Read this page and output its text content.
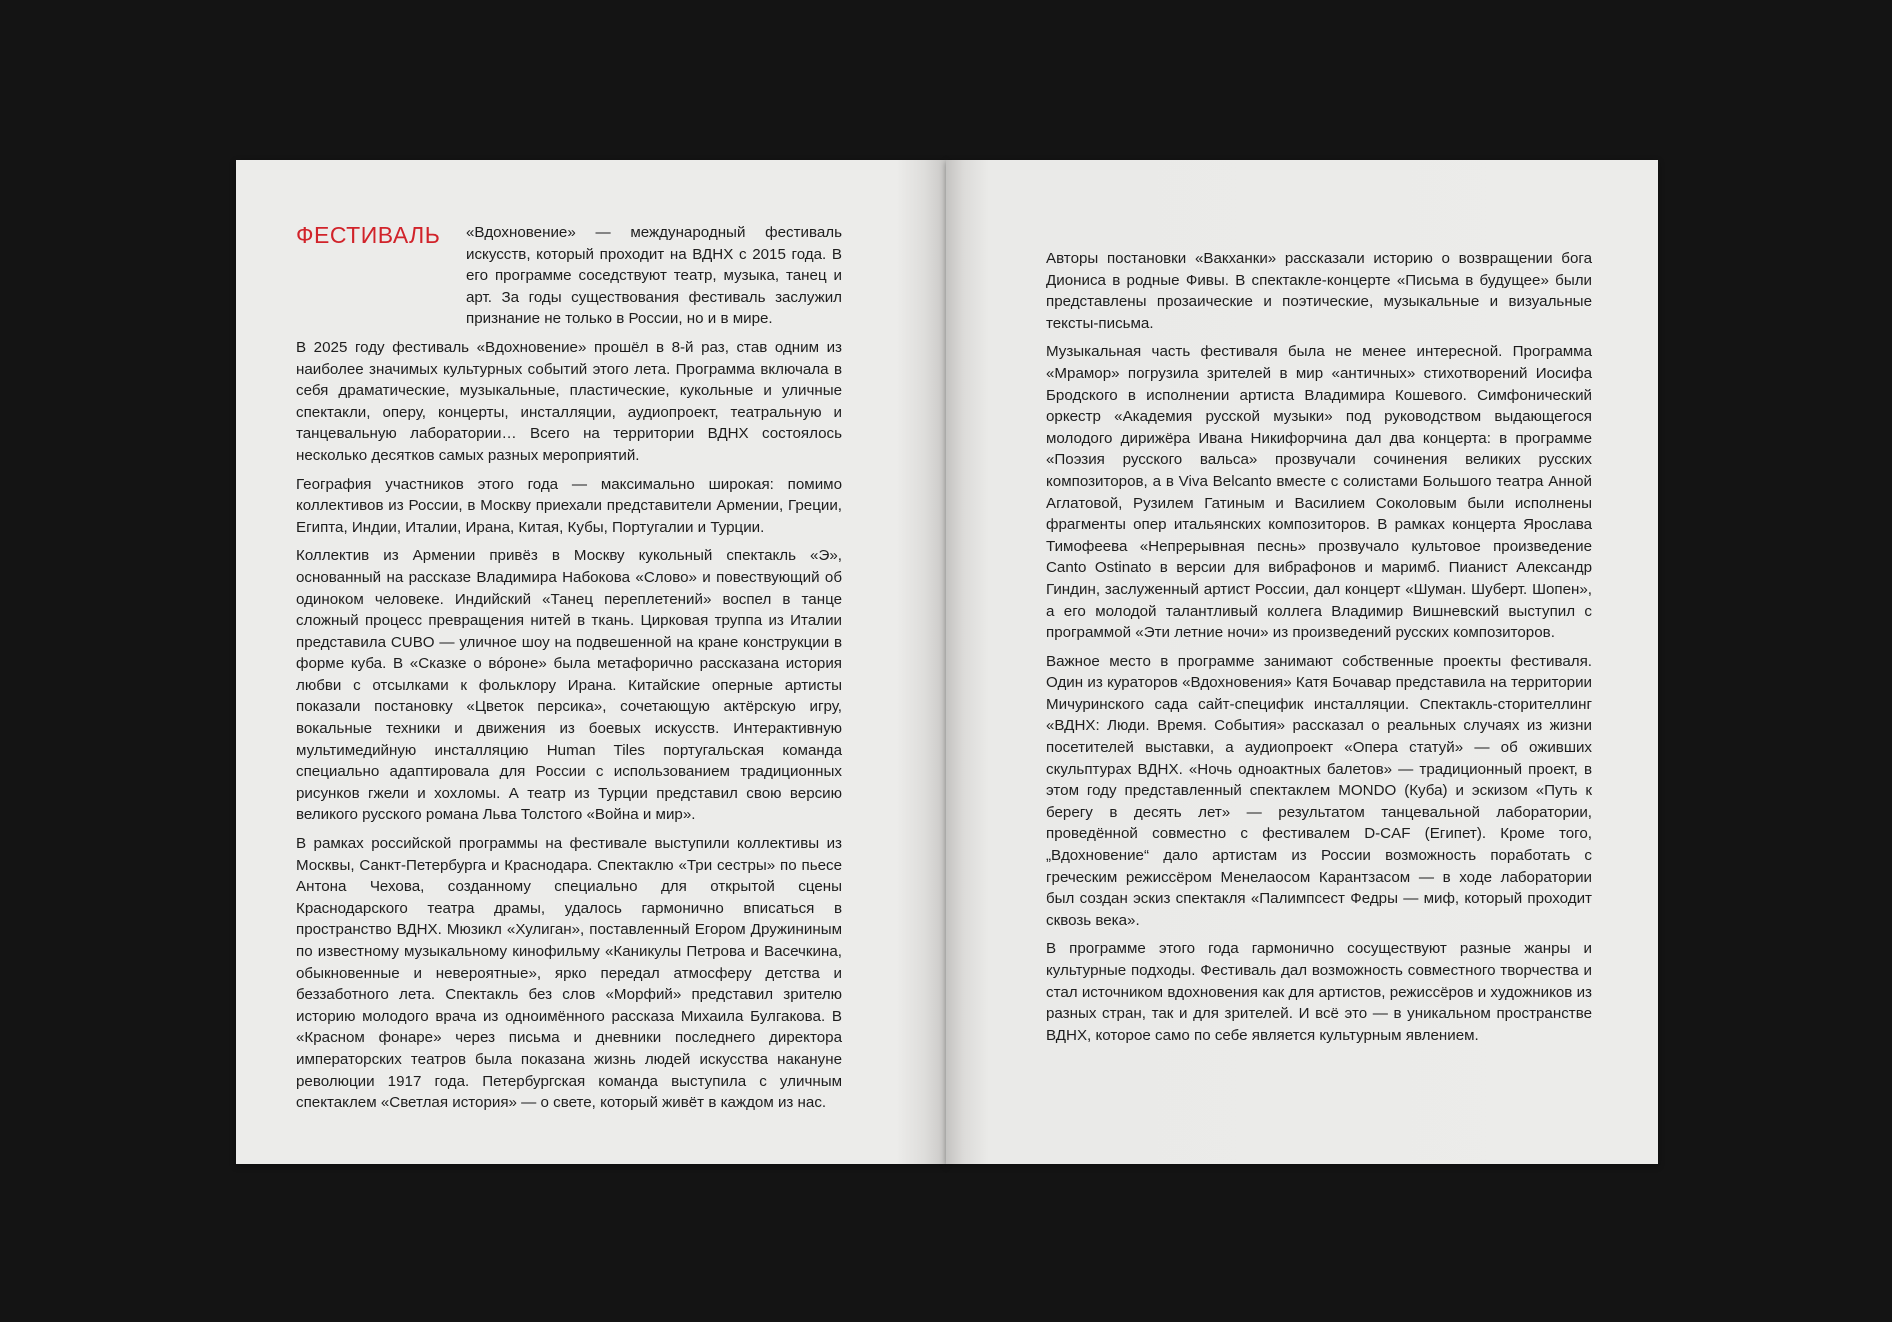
ФЕСТИВАЛЬ	«Вдохновение» — международный фестиваль искусств, который проходит на ВДНХ с 2015 года. В его программе соседствуют театр, музыка, танец и арт. За годы существования фестиваль заслужил признание не только в России, но и в мире.

В 2025 году фестиваль «Вдохновение» прошёл в 8-й раз, став одним из наиболее значимых культурных событий этого лета. Программа включала в себя драматические, музыкальные, пластические, кукольные и уличные спектакли, оперу, концерты, инсталляции, аудиопроект, театральную и танцевальную лаборатории… Всего на территории ВДНХ состоялось несколько десятков самых разных мероприятий.

География участников этого года — максимально широкая: помимо коллективов из России, в Москву приехали представители Армении, Греции, Египта, Индии, Италии, Ирана, Китая, Кубы, Португалии и Турции.

Коллектив из Армении привёз в Москву кукольный спектакль «Э», основанный на рассказе Владимира Набокова «Слово» и повествующий об одиноком человеке. Индийский «Танец переплетений» воспел в танце сложный процесс превращения нитей в ткань. Цирковая труппа из Италии представила CUBO — уличное шоу на подвешенной на кране конструкции в форме куба. В «Сказке о вóроне» была метафорично рассказана история любви с отсылками к фольклору Ирана. Китайские оперные артисты показали постановку «Цветок персика», сочетающую актёрскую игру, вокальные техники и движения из боевых искусств. Интерактивную мультимедийную инсталляцию Human Tiles португальская команда специально адаптировала для России с использованием традиционных рисунков гжели и хохломы. А театр из Турции представил свою версию великого русского романа Льва Толстого «Война и мир».

В рамках российской программы на фестивале выступили коллективы из Москвы, Санкт-Петербурга и Краснодара. Спектаклю «Три сестры» по пьесе Антона Чехова, созданному специально для открытой сцены Краснодарского театра драмы, удалось гармонично вписаться в пространство ВДНХ. Мюзикл «Хулиган», поставленный Егором Дружининым по известному музыкальному кинофильму «Каникулы Петрова и Васечкина, обыкновенные и невероятные», ярко передал атмосферу детства и беззаботного лета. Спектакль без слов «Морфий» представил зрителю историю молодого врача из одноимённого рассказа Михаила Булгакова. В «Красном фонаре» через письма и дневники последнего директора императорских театров была показана жизнь людей искусства накануне революции 1917 года. Петербургская команда выступила с уличным спектаклем «Светлая история» — о свете, который живёт в каждом из нас.

Авторы постановки «Вакханки» рассказали историю о возвращении бога Диониса в родные Фивы. В спектакле-концерте «Письма в будущее» были представлены прозаические и поэтические, музыкальные и визуальные тексты-письма.

Музыкальная часть фестиваля была не менее интересной. Программа «Мрамор» погрузила зрителей в мир «античных» стихотворений Иосифа Бродского в исполнении артиста Владимира Кошевого. Симфонический оркестр «Академия русской музыки» под руководством выдающегося молодого дирижёра Ивана Никифорчина дал два концерта: в программе «Поэзия русского вальса» прозвучали сочинения великих русских композиторов, а в Viva Belcanto вместе с солистами Большого театра Анной Аглатовой, Рузилем Гатиным и Василием Соколовым были исполнены фрагменты опер итальянских композиторов. В рамках концерта Ярослава Тимофеева «Непрерывная песнь» прозвучало культовое произведение Canto Ostinato в версии для вибрафонов и маримб. Пианист Александр Гиндин, заслуженный артист России, дал концерт «Шуман. Шуберт. Шопен», а его молодой талантливый коллега Владимир Вишневский выступил с программой «Эти летние ночи» из произведений русских композиторов.

Важное место в программе занимают собственные проекты фестиваля. Один из кураторов «Вдохновения» Катя Бочавар представила на территории Мичуринского сада сайт-специфик инсталляции. Спектакль-сторителлинг «ВДНХ: Люди. Время. События» рассказал о реальных случаях из жизни посетителей выставки, а аудиопроект «Опера статуй» — об оживших скульптурах ВДНХ. «Ночь одноактных балетов» — традиционный проект, в этом году представленный спектаклем MONDO (Куба) и эскизом «Путь к берегу в десять лет» — результатом танцевальной лаборатории, проведённой совместно с фестивалем D-CAF (Египет). Кроме того, „Вдохновение“ дало артистам из России возможность поработать с греческим режиссёром Менелаосом Карантзасом — в ходе лаборатории был создан эскиз спектакля «Палимпсест Федры — миф, который проходит сквозь века».

В программе этого года гармонично сосуществуют разные жанры и культурные подходы. Фестиваль дал возможность совместного творчества и стал источником вдохновения как для артистов, режиссёров и художников из разных стран, так и для зрителей. И всё это — в уникальном пространстве ВДНХ, которое само по себе является культурным явлением.
